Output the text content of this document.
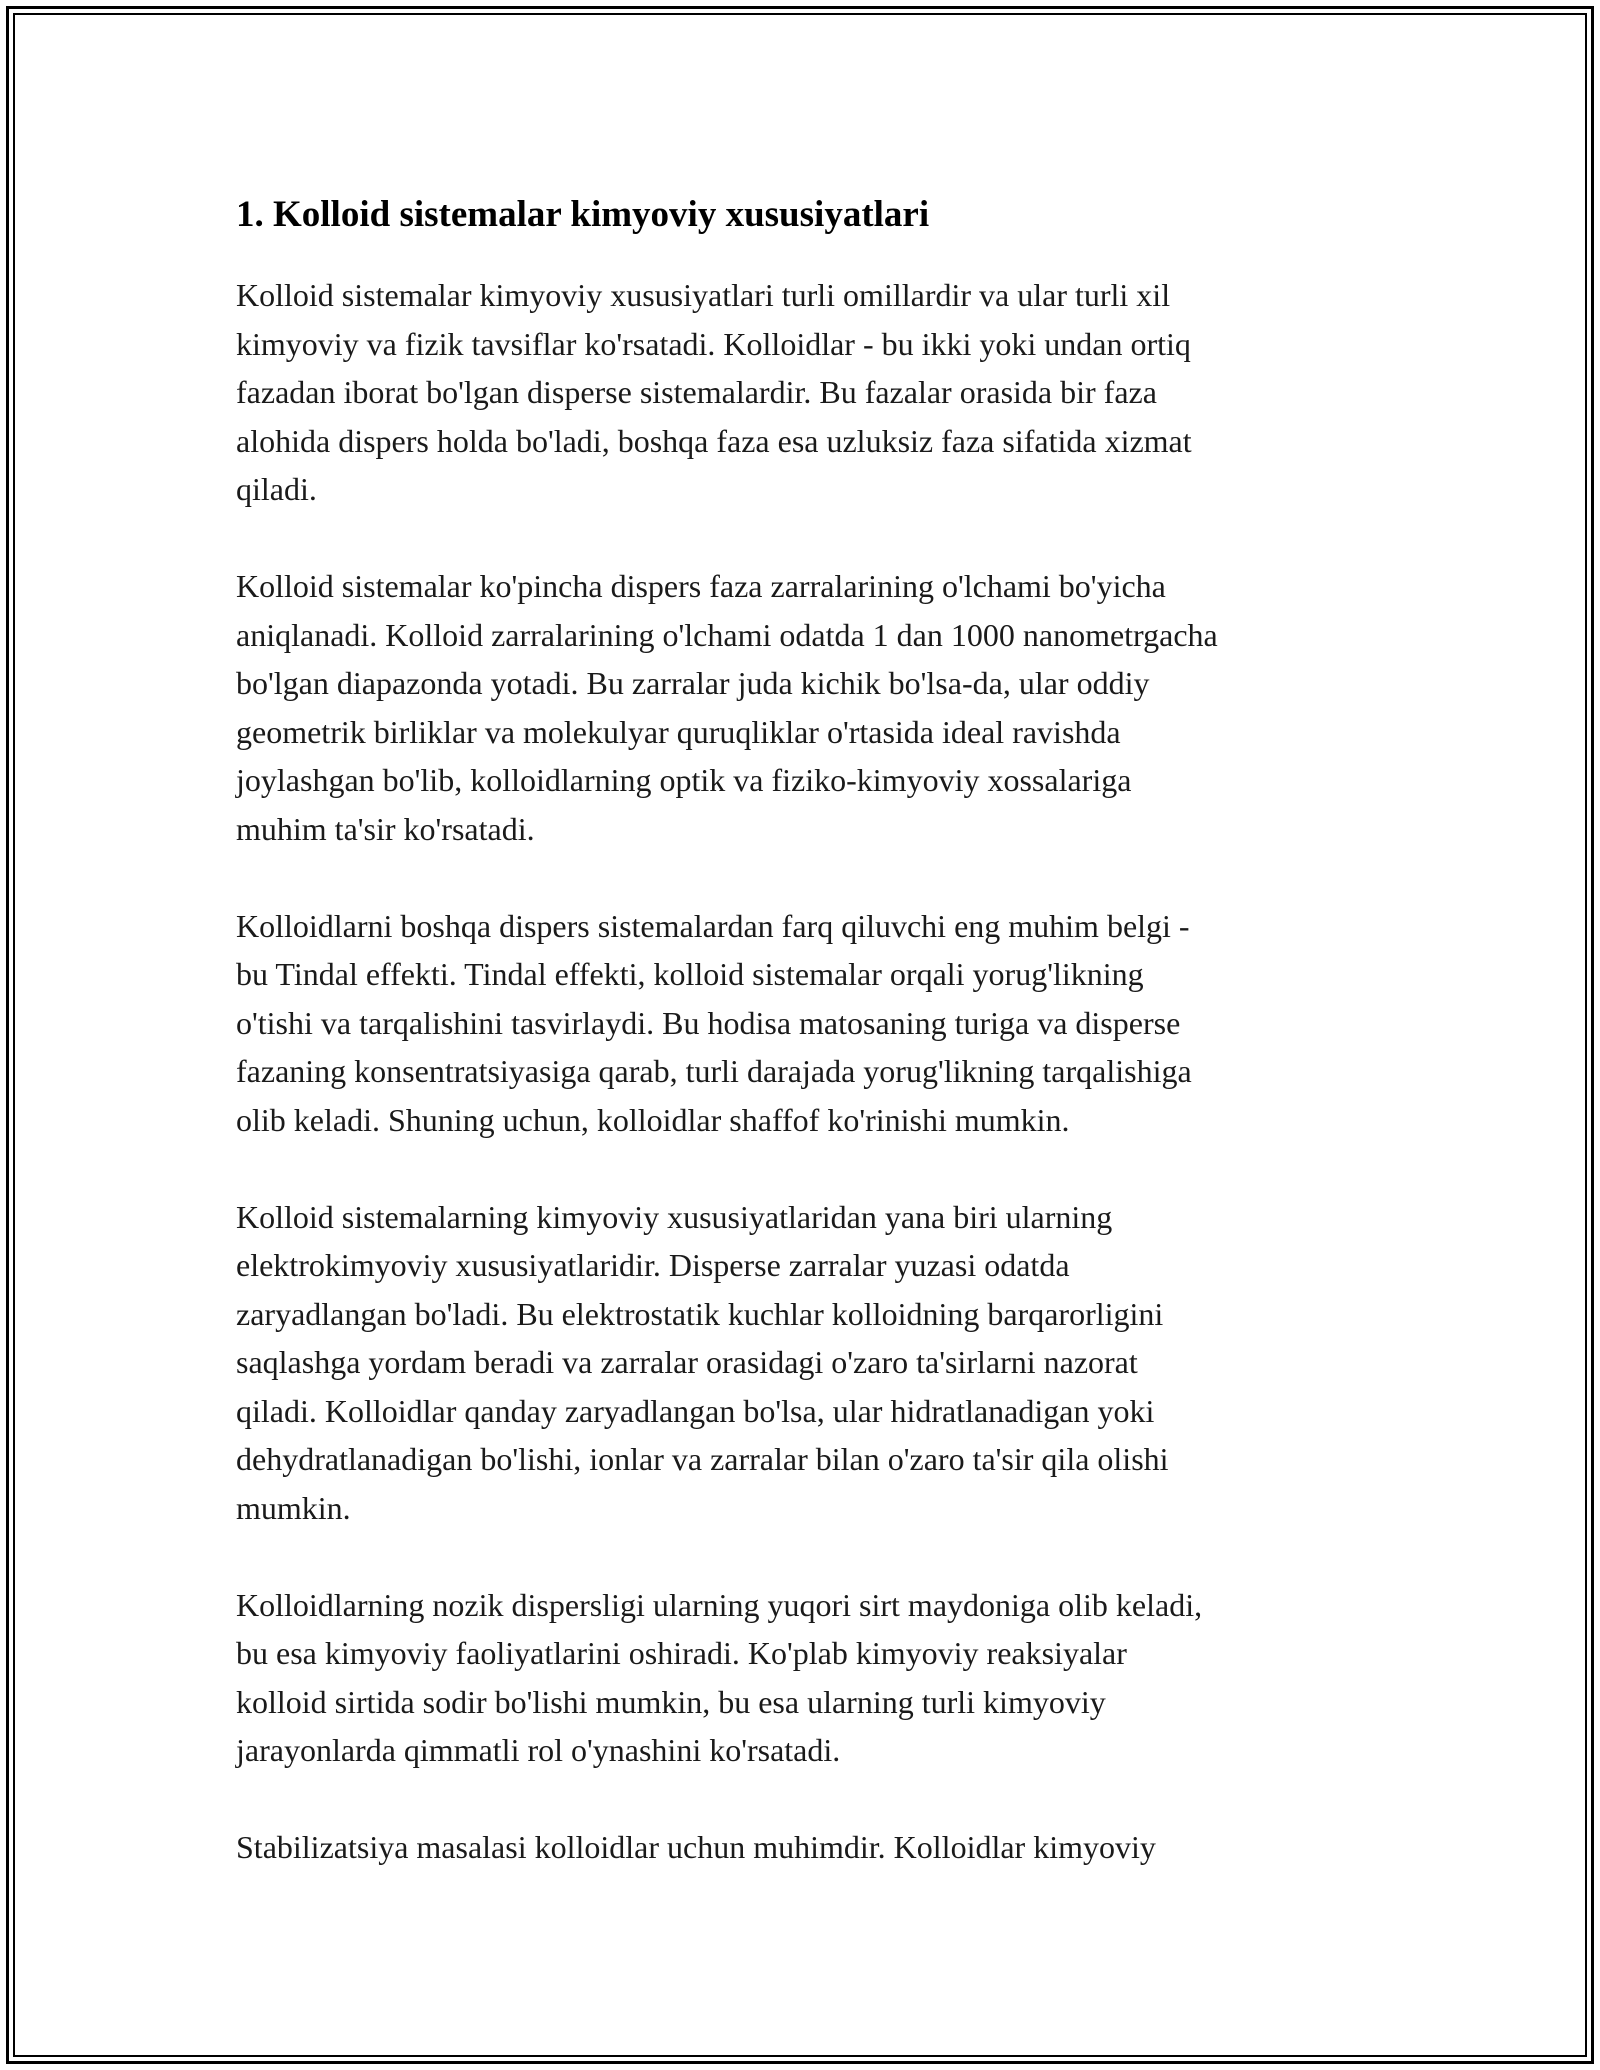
1. Kolloid sistemalar kimyoviy xususiyatlari

Kolloid sistemalar kimyoviy xususiyatlari turli omillardir va ular turli xil
kimyoviy va fizik tavsiflar ko'rsatadi. Kolloidlar - bu ikki yoki undan ortiq
fazadan iborat bo'lgan disperse sistemalardir. Bu fazalar orasida bir faza
alohida dispers holda bo'ladi, boshqa faza esa uzluksiz faza sifatida xizmat
qiladi.

Kolloid sistemalar ko'pincha dispers faza zarralarining o'lchami bo'yicha
aniqlanadi. Kolloid zarralarining o'lchami odatda 1 dan 1000 nanometrgacha
bo'lgan diapazonda yotadi. Bu zarralar juda kichik bo'lsa-da, ular oddiy
geometrik birliklar va molekulyar quruqliklar o'rtasida ideal ravishda
joylashgan bo'lib, kolloidlarning optik va fiziko-kimyoviy xossalariga
muhim ta'sir ko'rsatadi.

Kolloidlarni boshqa dispers sistemalardan farq qiluvchi eng muhim belgi -
bu Tindal effekti. Tindal effekti, kolloid sistemalar orqali yorug'likning
o'tishi va tarqalishini tasvirlaydi. Bu hodisa matosaning turiga va disperse
fazaning konsentratsiyasiga qarab, turli darajada yorug'likning tarqalishiga
olib keladi. Shuning uchun, kolloidlar shaffof ko'rinishi mumkin.

Kolloid sistemalarning kimyoviy xususiyatlaridan yana biri ularning
elektrokimyoviy xususiyatlaridir. Disperse zarralar yuzasi odatda
zaryadlangan bo'ladi. Bu elektrostatik kuchlar kolloidning barqarorligini
saqlashga yordam beradi va zarralar orasidagi o'zaro ta'sirlarni nazorat
qiladi. Kolloidlar qanday zaryadlangan bo'lsa, ular hidratlanadigan yoki
dehydratlanadigan bo'lishi, ionlar va zarralar bilan o'zaro ta'sir qila olishi
mumkin.

Kolloidlarning nozik dispersligi ularning yuqori sirt maydoniga olib keladi,
bu esa kimyoviy faoliyatlarini oshiradi. Ko'plab kimyoviy reaksiyalar
kolloid sirtida sodir bo'lishi mumkin, bu esa ularning turli kimyoviy
jarayonlarda qimmatli rol o'ynashini ko'rsatadi.

Stabilizatsiya masalasi kolloidlar uchun muhimdir. Kolloidlar kimyoviy
